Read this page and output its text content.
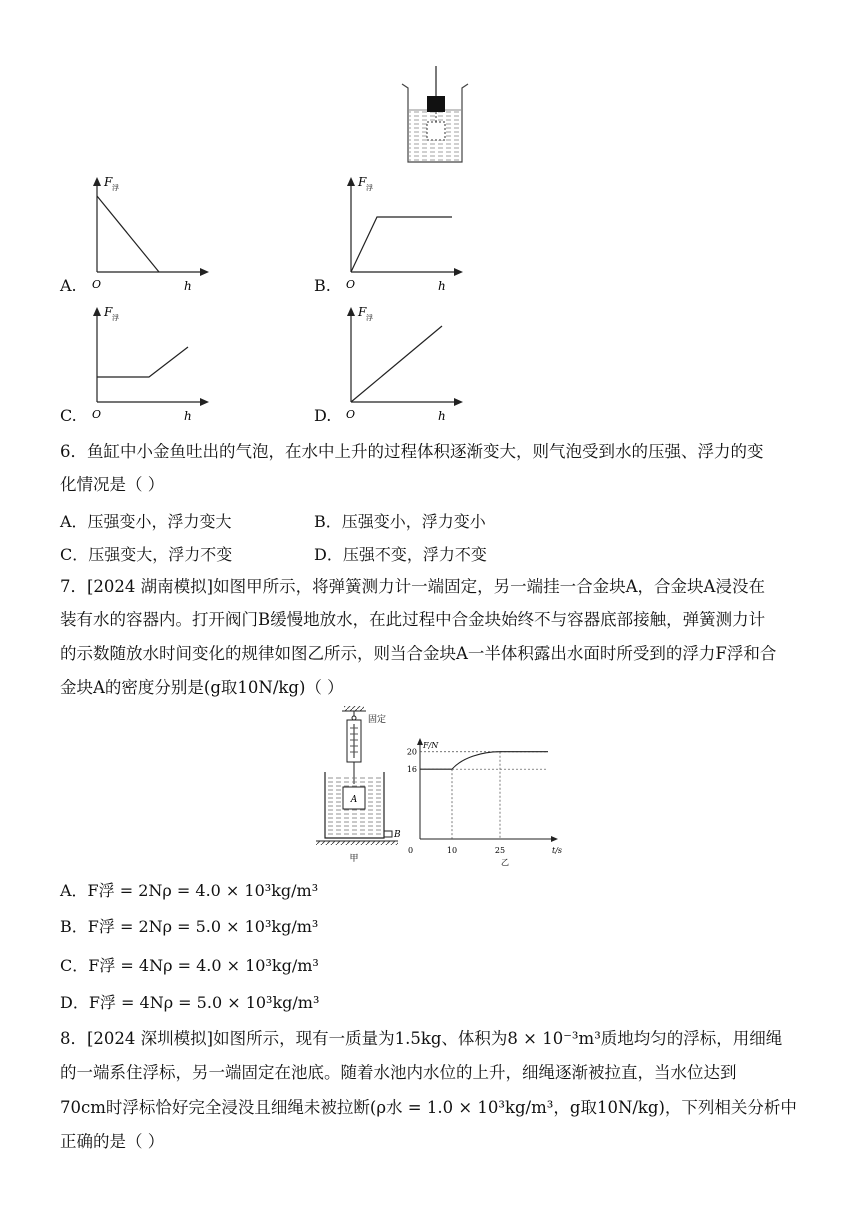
A.
F 浮
h
O	B.
F 浮
h
O
C.
F 浮
h
O	D.
F 浮
h
O
6．鱼缸中小金鱼吐出的气泡，在水中上升的过程体积逐渐变大，则气泡受到水的压强、浮力的变
化情况是（ ）
A．压强变小，浮力变大	B．压强变小，浮力变小
C．压强变大，浮力不变	D．压强不变，浮力不变
7．[2024 湖南模拟]如图甲所示，将弹簧测力计一端固定，另一端挂一合金块A，合金块A浸没在
装有水的容器内。打开阀门B缓慢地放水，在此过程中合金块始终不与容器底部接触，弹簧测力计
的示数随放水时间变化的规律如图乙所示，则当合金块A一半体积露出水面时所受到的浮力F浮和合
金块A的密度分别是(g取10N/kg)（ ）
A
B
甲
固定
F/N
t/s
0
16
20
10	25
乙
A．F浮 = 2Nρ = 4.0 × 10³kg/m³
B．F浮 = 2Nρ = 5.0 × 10³kg/m³
C．F浮 = 4Nρ = 4.0 × 10³kg/m³
D．F浮 = 4Nρ = 5.0 × 10³kg/m³
8．[2024 深圳模拟]如图所示，现有一质量为1.5kg、体积为8 × 10⁻³m³质地均匀的浮标，用细绳
的一端系住浮标，另一端固定在池底。随着水池内水位的上升，细绳逐渐被拉直，当水位达到
70cm时浮标恰好完全浸没且细绳未被拉断(ρ水 = 1.0 × 10³kg/m³，g取10N/kg)，下列相关分析中
正确的是（ ）
